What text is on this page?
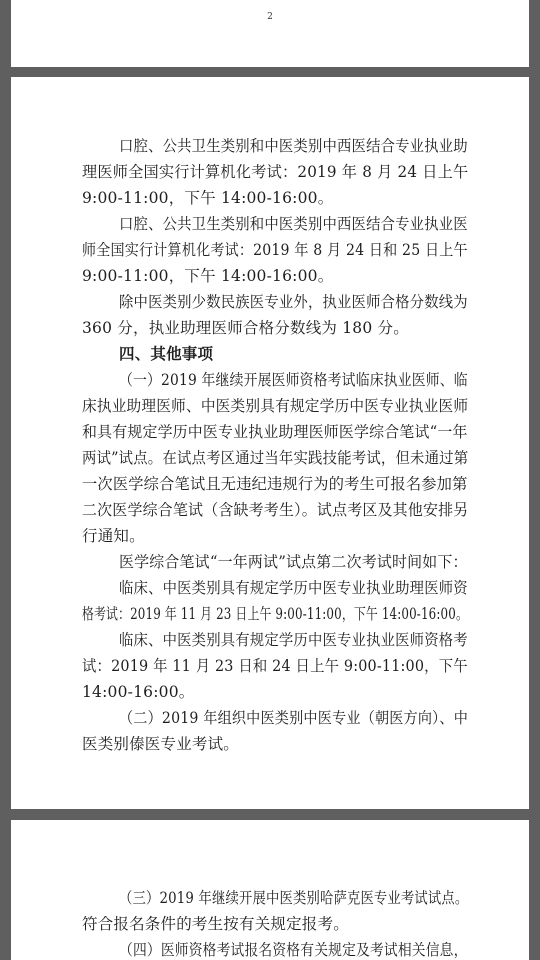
2
口腔、公共卫生类别和中医类别中西医结合专业执业助
理医师全国实行计算机化考试：2019 年 8 月 24 日上午
9:00-11:00，下午 14:00-16:00。
口腔、公共卫生类别和中医类别中西医结合专业执业医
师全国实行计算机化考试：2019 年 8 月 24 日和 25 日上午
9:00-11:00，下午 14:00-16:00。
除中医类别少数民族医专业外，执业医师合格分数线为
360 分，执业助理医师合格分数线为 180 分。
四、其他事项
（一）2019 年继续开展医师资格考试临床执业医师、临
床执业助理医师、中医类别具有规定学历中医专业执业医师
和具有规定学历中医专业执业助理医师医学综合笔试“一年
两试”试点。在试点考区通过当年实践技能考试，但未通过第
一次医学综合笔试且无违纪违规行为的考生可报名参加第
二次医学综合笔试（含缺考考生）。试点考区及其他安排另
行通知。
医学综合笔试“一年两试”试点第二次考试时间如下：
临床、中医类别具有规定学历中医专业执业助理医师资
格考试：2019 年 11 月 23 日上午 9:00-11:00，下午 14:00-16:00。
临床、中医类别具有规定学历中医专业执业医师资格考
试：2019 年 11 月 23 日和 24 日上午 9:00-11:00，下午
14:00-16:00。
（二）2019 年组织中医类别中医专业（朝医方向）、中
医类别傣医专业考试。
（三）2019 年继续开展中医类别哈萨克医专业考试试点。
符合报名条件的考生按有关规定报考。
（四）医师资格考试报名资格有关规定及考试相关信息，
